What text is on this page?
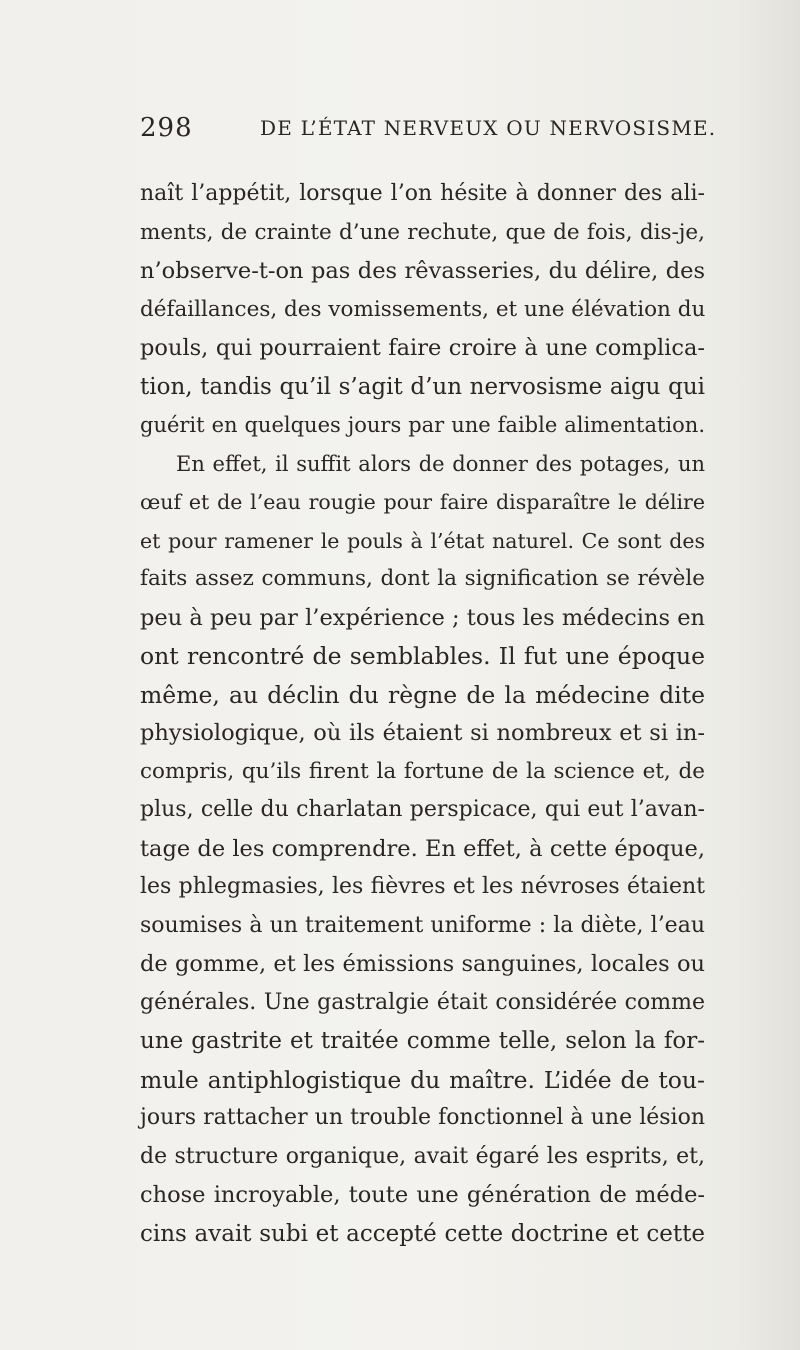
298	DE L’ÉTAT NERVEUX OU NERVOSISME.
naît l’appétit, lorsque l’on hésite à donner des ali-
ments, de crainte d’une rechute, que de fois, dis-je,
n’observe-t-on pas des rêvasseries, du délire, des
défaillances, des vomissements, et une élévation du
pouls, qui pourraient faire croire à une complica-
tion, tandis qu’il s’agit d’un nervosisme aigu qui
guérit en quelques jours par une faible alimentation.
En effet, il suffit alors de donner des potages, un
œuf et de l’eau rougie pour faire disparaître le délire
et pour ramener le pouls à l’état naturel. Ce sont des
faits assez communs, dont la signification se révèle
peu à peu par l’expérience ; tous les médecins en
ont rencontré de semblables. Il fut une époque
même, au déclin du règne de la médecine dite
physiologique, où ils étaient si nombreux et si in-
compris, qu’ils firent la fortune de la science et, de
plus, celle du charlatan perspicace, qui eut l’avan-
tage de les comprendre. En effet, à cette époque,
les phlegmasies, les fièvres et les névroses étaient
soumises à un traitement uniforme : la diète, l’eau
de gomme, et les émissions sanguines, locales ou
générales. Une gastralgie était considérée comme
une gastrite et traitée comme telle, selon la for-
mule antiphlogistique du maître. L’idée de tou-
jours rattacher un trouble fonctionnel à une lésion
de structure organique, avait égaré les esprits, et,
chose incroyable, toute une génération de méde-
cins avait subi et accepté cette doctrine et cette
